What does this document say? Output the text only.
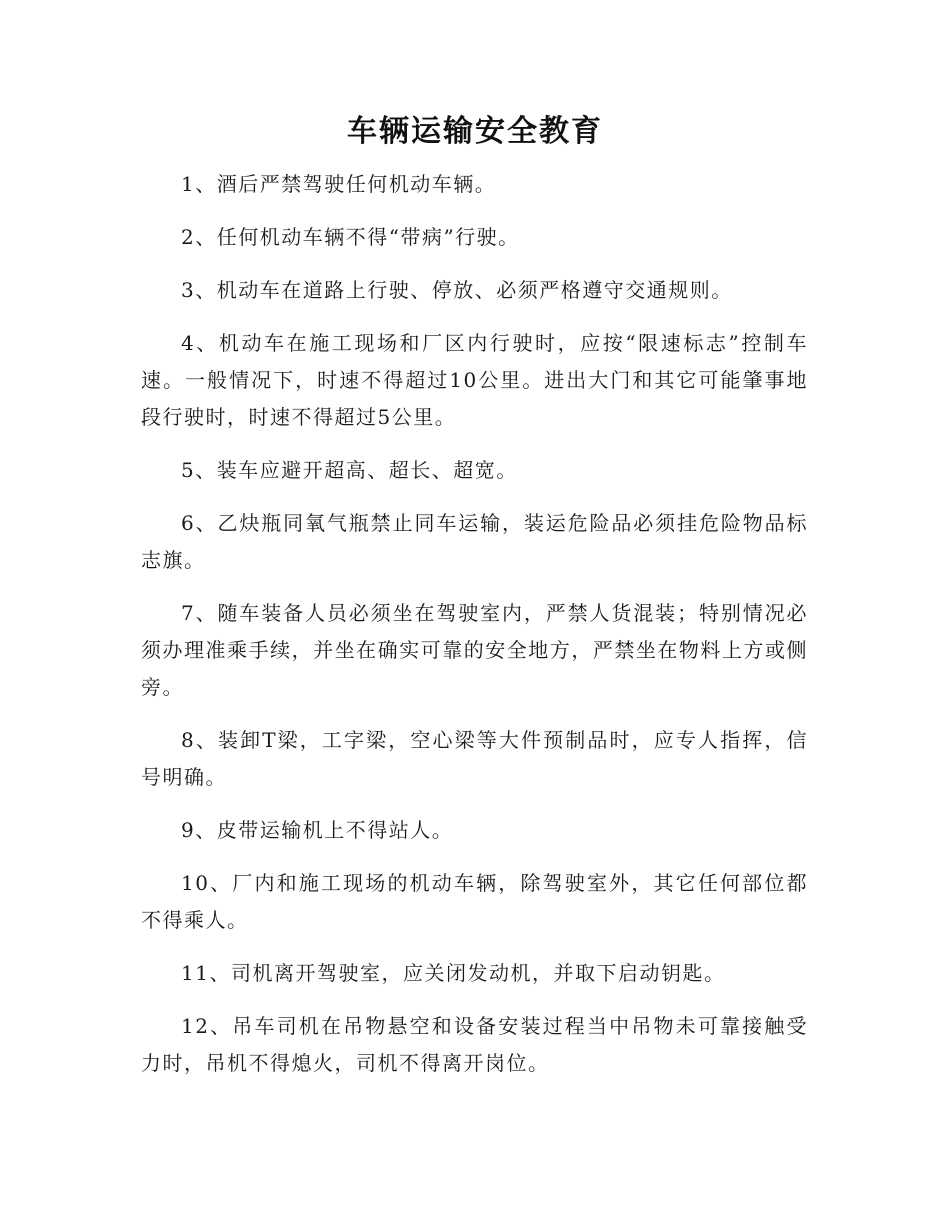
车辆运输安全教育

1、酒后严禁驾驶任何机动车辆。

2、任何机动车辆不得“带病”行驶。

3、机动车在道路上行驶、停放、必须严格遵守交通规则。

4、机动车在施工现场和厂区内行驶时，应按“限速标志”控制车速。一般情况下，时速不得超过10公里。进出大门和其它可能肇事地段行驶时，时速不得超过5公里。

5、装车应避开超高、超长、超宽。

6、乙炔瓶同氧气瓶禁止同车运输，装运危险品必须挂危险物品标志旗。

7、随车装备人员必须坐在驾驶室内，严禁人货混装；特别情况必须办理准乘手续，并坐在确实可靠的安全地方，严禁坐在物料上方或侧旁。

8、装卸T梁，工字梁，空心梁等大件预制品时，应专人指挥，信号明确。

9、皮带运输机上不得站人。

10、厂内和施工现场的机动车辆，除驾驶室外，其它任何部位都不得乘人。

11、司机离开驾驶室，应关闭发动机，并取下启动钥匙。

12、吊车司机在吊物悬空和设备安装过程当中吊物未可靠接触受力时，吊机不得熄火，司机不得离开岗位。
